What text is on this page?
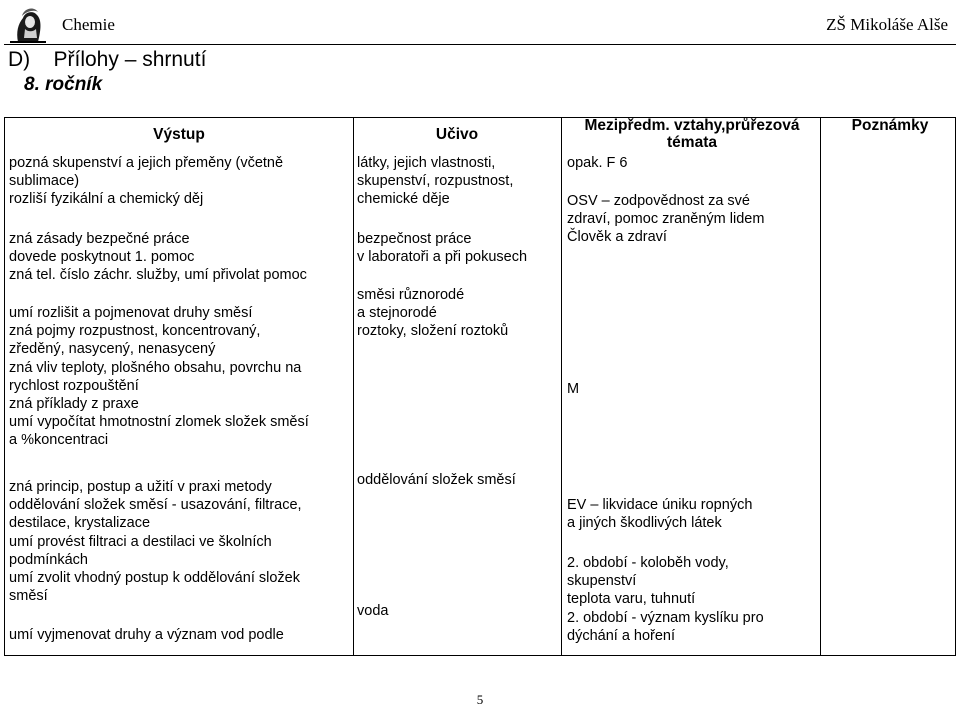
Chemie	ZŠ Mikoláše Alše
D)    Přílohy – shrnutí
8. ročník
Výstup
pozná skupenství a jejich přeměny (včetně
sublimace)
rozliší fyzikální a chemický děj
zná zásady bezpečné práce
dovede poskytnout 1. pomoc
zná tel. číslo záchr. služby, umí přivolat pomoc
umí rozlišit a pojmenovat druhy směsí
zná pojmy rozpustnost, koncentrovaný,
zředěný, nasycený, nenasycený
zná vliv teploty, plošného obsahu, povrchu na
rychlost rozpouštění
zná příklady z praxe
umí vypočítat hmotnostní zlomek složek směsí
a %koncentraci
zná princip, postup a užití v praxi metody
oddělování složek směsí - usazování, filtrace,
destilace, krystalizace
umí provést filtraci a destilaci ve školních
podmínkách
umí zvolit vhodný postup k oddělování složek
směsí
umí vyjmenovat druhy a význam vod podle
Učivo
látky, jejich vlastnosti,
skupenství, rozpustnost,
chemické děje
bezpečnost práce
v laboratoři a při pokusech
směsi různorodé
a stejnorodé
roztoky, složení roztoků
oddělování složek směsí
voda
Mezipředm. vztahy,průřezová
témata
opak. F 6
OSV – zodpovědnost za své
zdraví, pomoc zraněným lidem
Člověk a zdraví
M
EV – likvidace úniku ropných
a jiných škodlivých látek
2. období - koloběh vody,
skupenství
teplota varu, tuhnutí
2. období - význam kyslíku pro
dýchání a hoření
Poznámky
5
